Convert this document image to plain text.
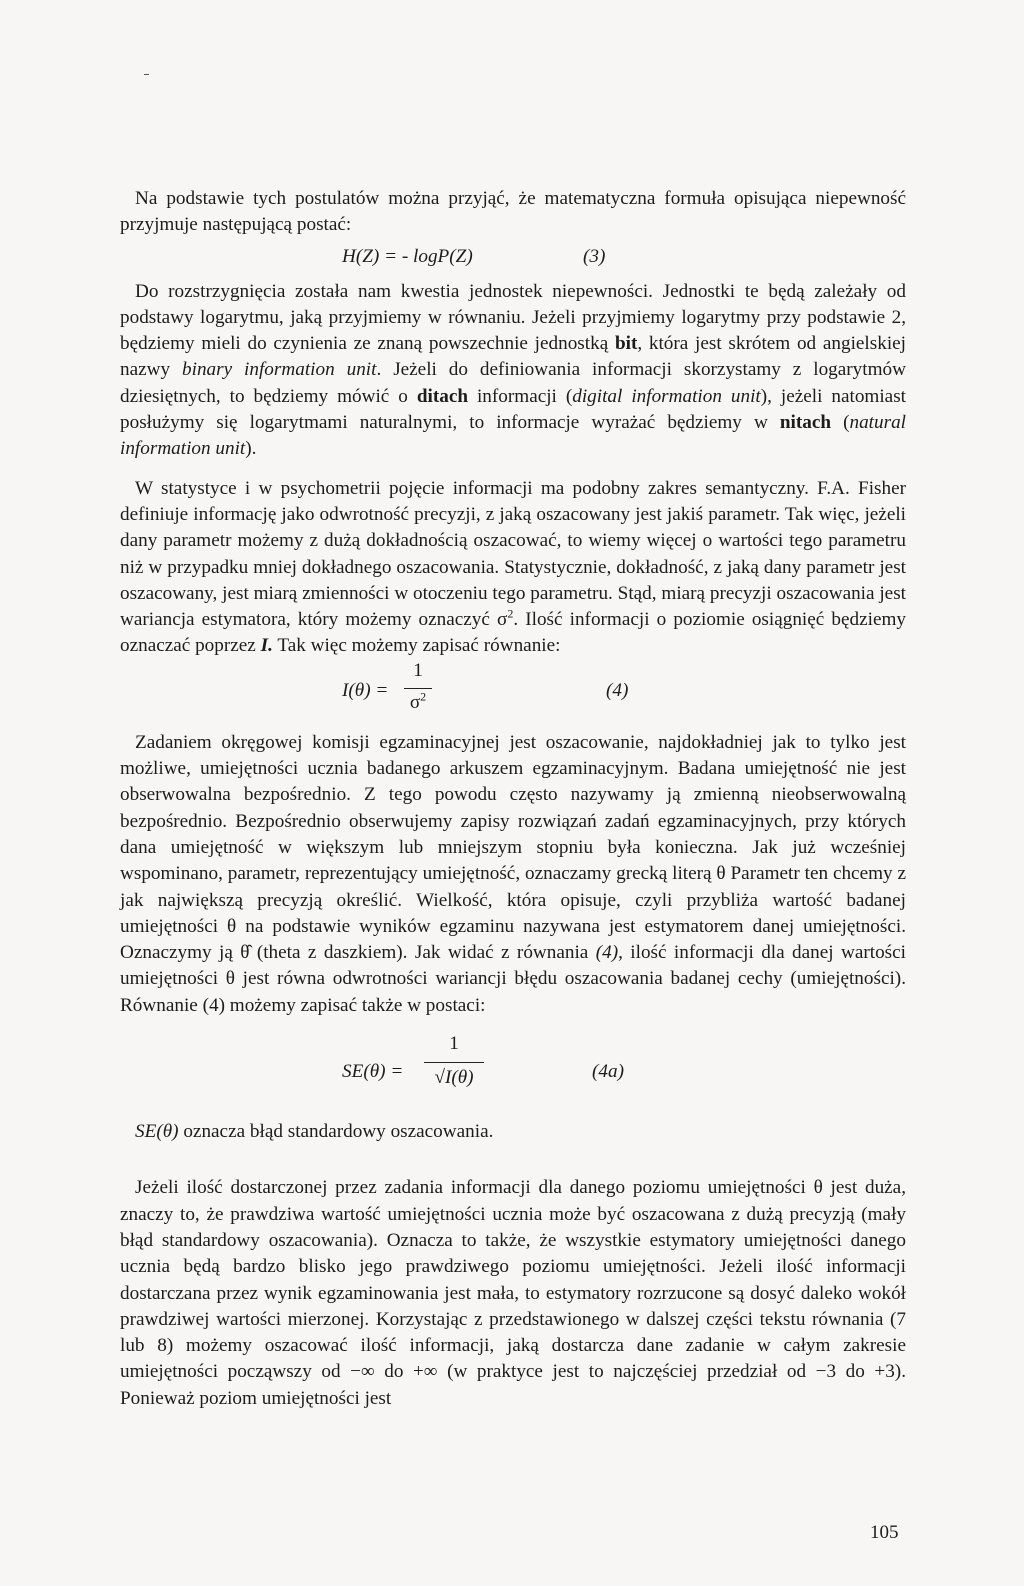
Na podstawie tych postulatów można przyjąć, że matematyczna formuła opisująca niepewność przyjmuje następującą postać:

H(Z) = - logP(Z)	(3)

Do rozstrzygnięcia została nam kwestia jednostek niepewności. Jednostki te będą zależały od podstawy logarytmu, jaką przyjmiemy w równaniu. Jeżeli przyjmiemy logarytmy przy podstawie 2, będziemy mieli do czynienia ze znaną powszechnie jednostką bit, która jest skrótem od angielskiej nazwy binary information unit. Jeżeli do definiowania informacji skorzystamy z logarytmów dziesiętnych, to będziemy mówić o ditach informacji (digital information unit), jeżeli natomiast posłużymy się logarytmami naturalnymi, to informacje wyrażać będziemy w nitach (natural information unit).

W statystyce i w psychometrii pojęcie informacji ma podobny zakres semantyczny. F.A. Fisher definiuje informację jako odwrotność precyzji, z jaką oszacowany jest jakiś parametr. Tak więc, jeżeli dany parametr możemy z dużą dokładnością oszacować, to wiemy więcej o wartości tego parametru niż w przypadku mniej dokładnego oszacowania. Statystycznie, dokładność, z jaką dany parametr jest oszacowany, jest miarą zmienności w otoczeniu tego parametru. Stąd, miarą precyzji oszacowania jest wariancja estymatora, który możemy oznaczyć $\sigma^2$. Ilość informacji o poziomie osiągnięć będziemy oznaczać poprzez I. Tak więc możemy zapisać równanie:

I(θ) =
1
$\sigma^2$	(4)

Zadaniem okręgowej komisji egzaminacyjnej jest oszacowanie, najdokładniej jak to tylko jest możliwe, umiejętności ucznia badanego arkuszem egzaminacyjnym. Badana umiejętność nie jest obserwowalna bezpośrednio. Z tego powodu często nazywamy ją zmienną nieobserwowalną bezpośrednio. Bezpośrednio obserwujemy zapisy rozwiązań zadań egzaminacyjnych, przy których dana umiejętność w większym lub mniejszym stopniu była konieczna. Jak już wcześniej wspominano, parametr, reprezentujący umiejętność, oznaczamy grecką literą θ Parametr ten chcemy z jak największą precyzją określić. Wielkość, która opisuje, czyli przybliża wartość badanej umiejętności θ na podstawie wyników egzaminu nazywana jest estymatorem danej umiejętności. Oznaczymy ją θ̂ (theta z daszkiem). Jak widać z równania (4), ilość informacji dla danej wartości umiejętności θ jest równa odwrotności wariancji błędu oszacowania badanej cechy (umiejętności). Równanie (4) możemy zapisać także w postaci:

SE(θ) =
1
√I(θ)	(4a)

SE(θ) oznacza błąd standardowy oszacowania.

Jeżeli ilość dostarczonej przez zadania informacji dla danego poziomu umiejętności θ jest duża, znaczy to, że prawdziwa wartość umiejętności ucznia może być oszacowana z dużą precyzją (mały błąd standardowy oszacowania). Oznacza to także, że wszystkie estymatory umiejętności danego ucznia będą bardzo blisko jego prawdziwego poziomu umiejętności. Jeżeli ilość informacji dostarczana przez wynik egzaminowania jest mała, to estymatory rozrzucone są dosyć daleko wokół prawdziwej wartości mierzonej. Korzystając z przedstawionego w dalszej części tekstu równania (7 lub 8) możemy oszacować ilość informacji, jaką dostarcza dane zadanie w całym zakresie umiejętności począwszy od −∞ do +∞ (w praktyce jest to najczęściej przedział od −3 do +3). Ponieważ poziom umiejętności jest

105
